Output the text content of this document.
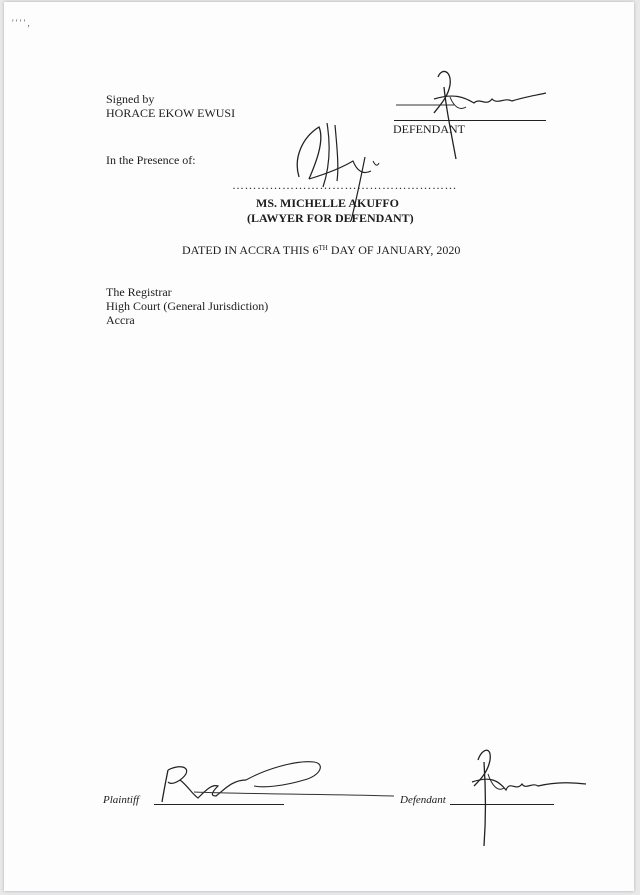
' ' ' ' ,
Signed by
HORACE EKOW EWUSI
DEFENDANT
In the Presence of:
………………………………………………
MS. MICHELLE AKUFFO
(LAWYER FOR DEFENDANT)
DATED IN ACCRA THIS 6TH DAY OF JANUARY, 2020
The Registrar
High Court (General Jurisdiction)
Accra
Plaintiff	Defendant
